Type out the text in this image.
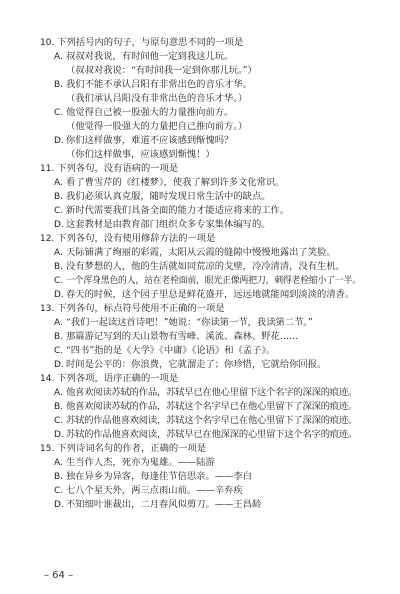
10. 下列括号内的句子，与原句意思不同的一项是
A. 叔叔对我说，有时间他一定到我这儿玩。
（叔叔对我说：“有时间我一定到你那儿玩。”）
B. 我们不能不承认吕阳有非常出色的音乐才华。
（我们承认吕阳没有非常出色的音乐才华。）
C. 他觉得自己被一股强大的力量推向前方。
（他觉得一股强大的力量把自己推向前方。）
D. 你们这样做事，难道不应该感到惭愧吗？
（你们这样做事，应该感到惭愧！）
11. 下列各句，没有语病的一项是
A. 看了曹雪芹的《红楼梦》，使我了解到许多文化常识。
B. 我们必须认真克服，随时发现日常生活中的缺点。
C. 新时代需要我们具备全面的能力才能适应将来的工作。
D. 这套教材是由教育部门组织众多专家集体编写的。
12. 下列各句，没有使用修辞方法的一项是
A. 天际铺满了绚丽的彩霞，太阳从云霞的缝隙中慢慢地露出了笑脸。
B. 没有梦想的人，他的生活就如同荒凉的戈壁，冷冷清清，没有生机。
C. 一个浑身黑色的人，站在老栓面前，眼光正像两把刀，刺得老栓缩小了一半。
D. 春天的时候，这个园子里总是鲜花盛开，远远地就能闻到淡淡的清香。
13. 下列各句，标点符号使用不正确的一项是
A. “我们一起读这首诗吧！”她说：“你读第一节，我读第二节。”
B. 那篇游记写到的天山景物有雪峰、溪流、森林、野花……
C. “四书”指的是《大学》《中庸》《论语》和《孟子》。
D. 时间是公平的：你浪费，它就溜走了；你珍惜，它就给你回报。
14. 下列各项，语序正确的一项是
A. 他喜欢阅读苏轼的作品，苏轼早已在他心里留下这个名字的深深的痕迹。
B. 他喜欢阅读苏轼的作品，苏轼这个名字早已在他心里留下了深深的痕迹。
C. 苏轼的作品他喜欢阅读，苏轼这个名字早已在他心里留下了深深的痕迹。
D. 苏轼的作品他喜欢阅读，苏轼早已在他深深的心里留下这个名字的痕迹。
15. 下列诗词名句的作者，正确的一项是
A. 生当作人杰，死亦为鬼雄。——陆游
B. 独在异乡为异客，每逢佳节倍思亲。——李白
C. 七八个星天外，两三点雨山前。——辛弃疾
D. 不知细叶谁裁出，二月春风似剪刀。——王昌龄
– 64 –
